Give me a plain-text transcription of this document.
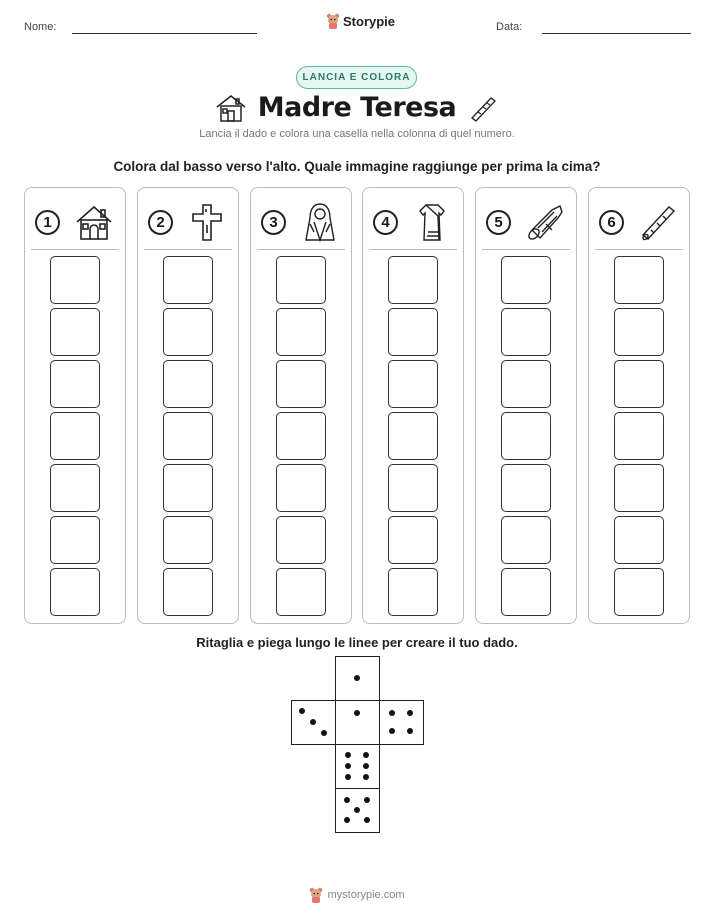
Nome:	Storypie	Data:
LANCIA E COLORA
Madre Teresa
Lancia il dado e colora una casella nella colonna di quel numero.
Colora dal basso verso l'alto. Quale immagine raggiunge per prima la cima?
1	2	3	4	5	6
Ritaglia e piega lungo le linee per creare il tuo dado.
mystorypie.com
